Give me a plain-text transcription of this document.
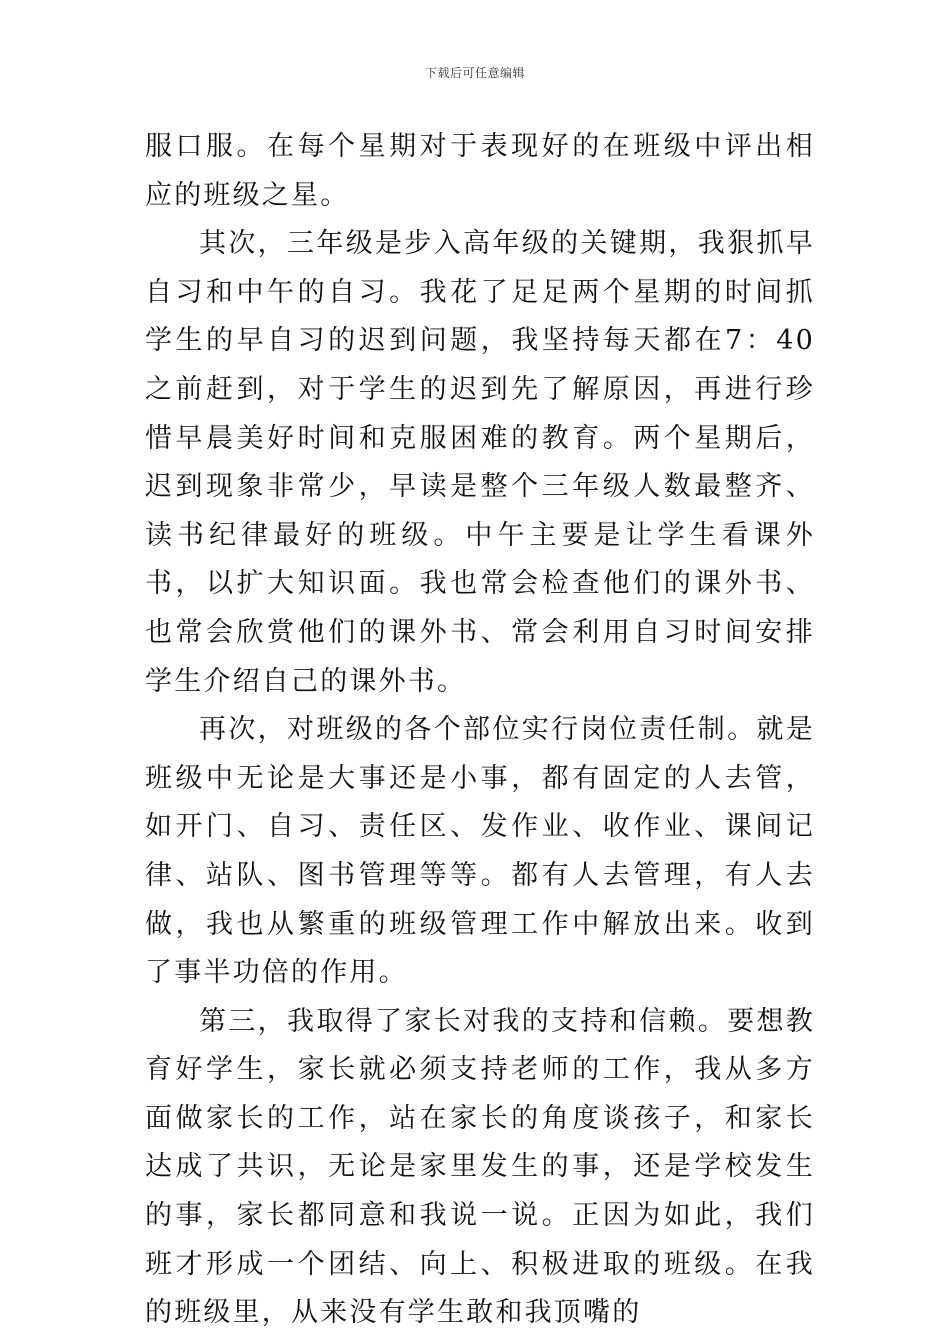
下载后可任意编辑

服口服。在每个星期对于表现好的在班级中评出相应的班级之星。

其次，三年级是步入高年级的关键期，我狠抓早自习和中午的自习。我花了足足两个星期的时间抓学生的早自习的迟到问题，我坚持每天都在7：40之前赶到，对于学生的迟到先了解原因，再进行珍惜早晨美好时间和克服困难的教育。两个星期后，迟到现象非常少，早读是整个三年级人数最整齐、读书纪律最好的班级。中午主要是让学生看课外书，以扩大知识面。我也常会检查他们的课外书、也常会欣赏他们的课外书、常会利用自习时间安排学生介绍自己的课外书。

再次，对班级的各个部位实行岗位责任制。就是班级中无论是大事还是小事，都有固定的人去管，如开门、自习、责任区、发作业、收作业、课间记律、站队、图书管理等等。都有人去管理，有人去做，我也从繁重的班级管理工作中解放出来。收到了事半功倍的作用。

第三，我取得了家长对我的支持和信赖。要想教育好学生，家长就必须支持老师的工作，我从多方面做家长的工作，站在家长的角度谈孩子，和家长达成了共识，无论是家里发生的事，还是学校发生的事，家长都同意和我说一说。正因为如此，我们班才形成一个团结、向上、积极进取的班级。在我的班级里，从来没有学生敢和我顶嘴的
